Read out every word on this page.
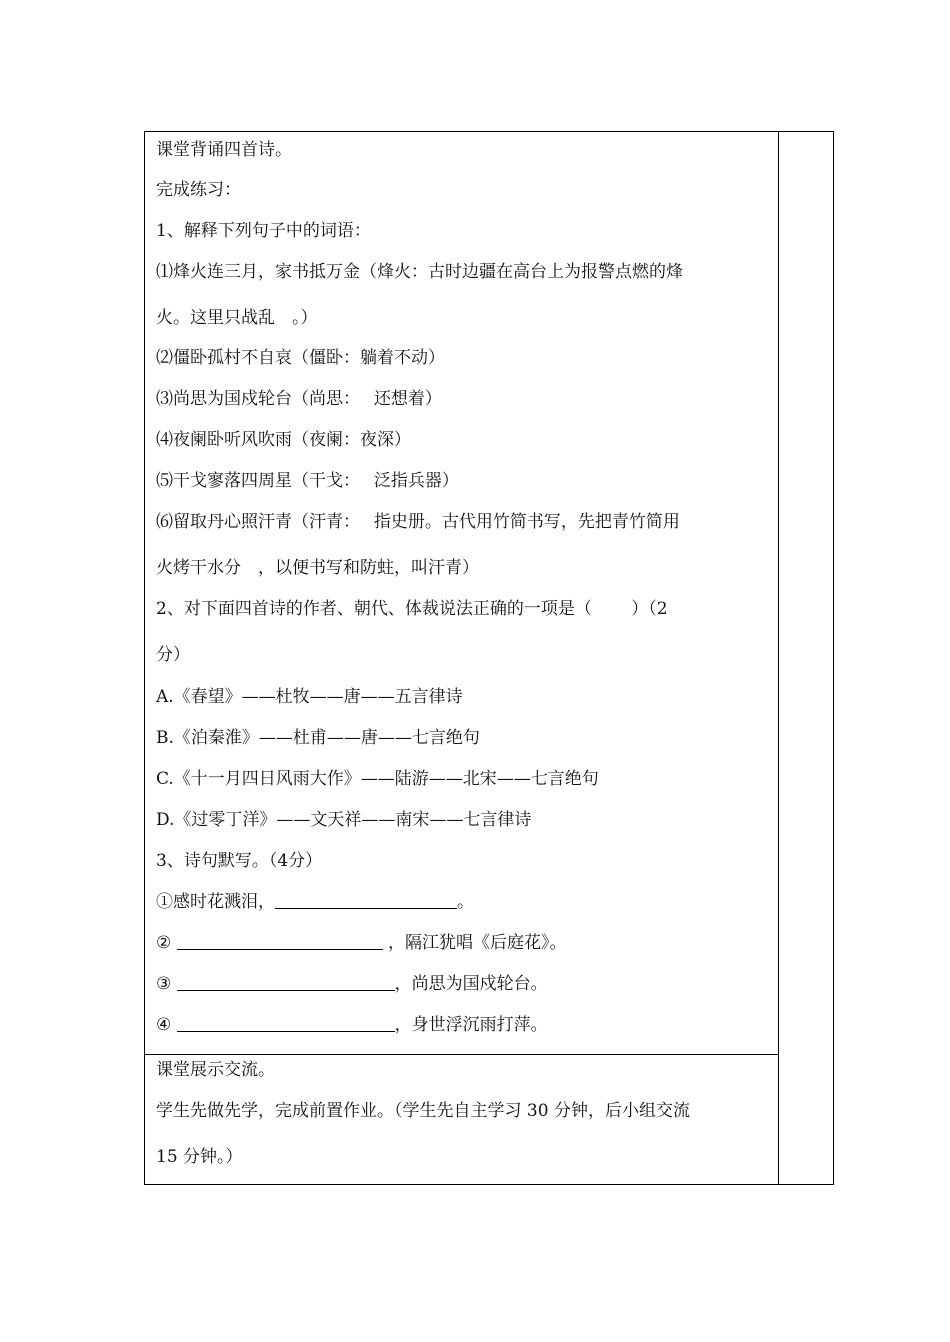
课堂背诵四首诗。
完成练习：
1、解释下列句子中的词语：
⑴烽火连三月，家书抵万金（烽火：古时边疆在高台上为报警点燃的烽
火。这里只战乱　。）
⑵僵卧孤村不自哀（僵卧：躺着不动）
⑶尚思为国戍轮台（尚思：　 还想着）
⑷夜阑卧听风吹雨（夜阑：夜深）
⑸干戈寥落四周星（干戈：　 泛指兵器）
⑹留取丹心照汗青（汗青：　 指史册。古代用竹简书写，先把青竹简用
火烤干水分　，以便书写和防蛀，叫汗青）
2、对下面四首诗的作者、朝代、体裁说法正确的一项是（　　 ）（2
分）
A.《春望》——杜牧——唐——五言律诗
B.《泊秦淮》——杜甫——唐——七言绝句
C.《十一月四日风雨大作》——陆游——北宋——七言绝句
D.《过零丁洋》——文天祥——南宋——七言律诗
3、诗句默写。（4分）
①感时花溅泪，	。
②	，隔江犹唱《后庭花》。
③	，尚思为国戍轮台。
④	，身世浮沉雨打萍。
课堂展示交流。
学生先做先学，完成前置作业。（学生先自主学习 30 分钟，后小组交流
15 分钟。）
